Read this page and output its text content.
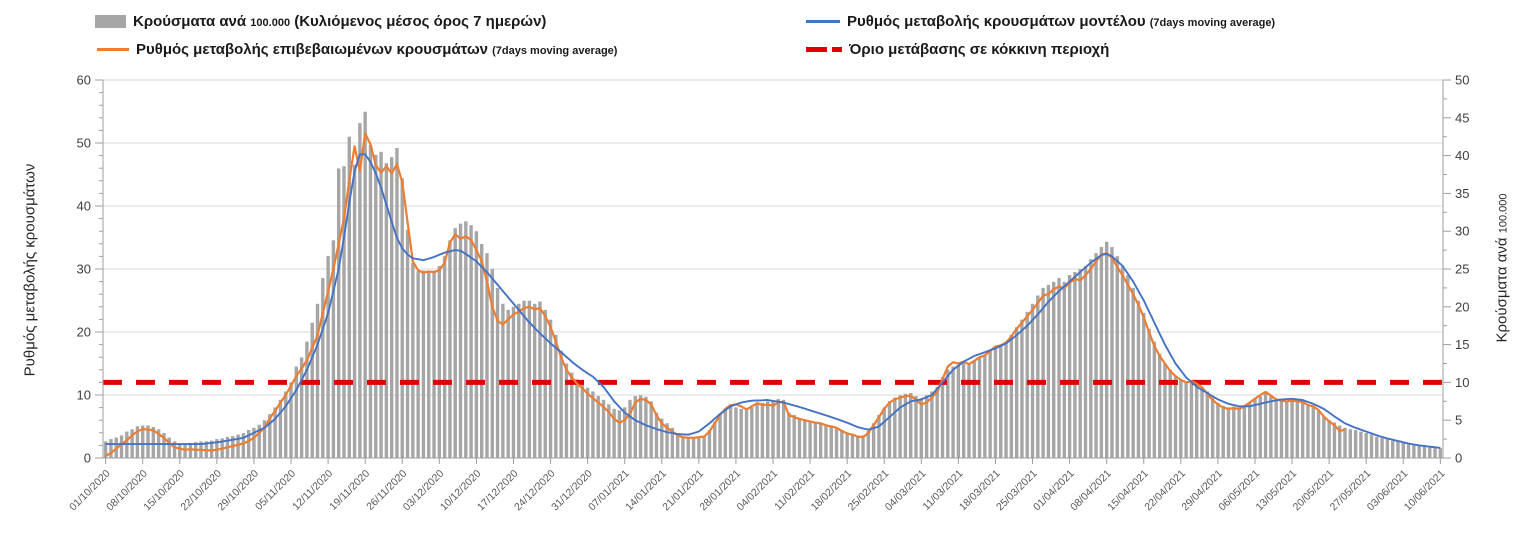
Κρούσματα ανά 100.000 (Κυλιόμενος μέσος όρος 7 ημερών)	Ρυθμός μεταβολής κρουσμάτων μοντέλου (7days moving average)
Ρυθμός μεταβολής επιβεβαιωμένων κρουσμάτων (7days moving average)	Όριο μετάβασης σε κόκκινη περιοχή
Ρυθμός μεταβολής κρουσμάτων	Κρούσματα ανά 100.000
0
10
20
30
40
50
60
0
5
10
15
20
25
30
35
40
45
50
01/10/2020
08/10/2020
15/10/2020
22/10/2020
29/10/2020
05/11/2020
12/11/2020
19/11/2020
26/11/2020
03/12/2020
10/12/2020
17/12/2020
24/12/2020
31/12/2020
07/01/2021
14/01/2021
21/01/2021
28/01/2021
04/02/2021
11/02/2021
18/02/2021
25/02/2021
04/03/2021
11/03/2021
18/03/2021
25/03/2021
01/04/2021
08/04/2021
15/04/2021
22/04/2021
29/04/2021
06/05/2021
13/05/2021
20/05/2021
27/05/2021
03/06/2021
10/06/2021
